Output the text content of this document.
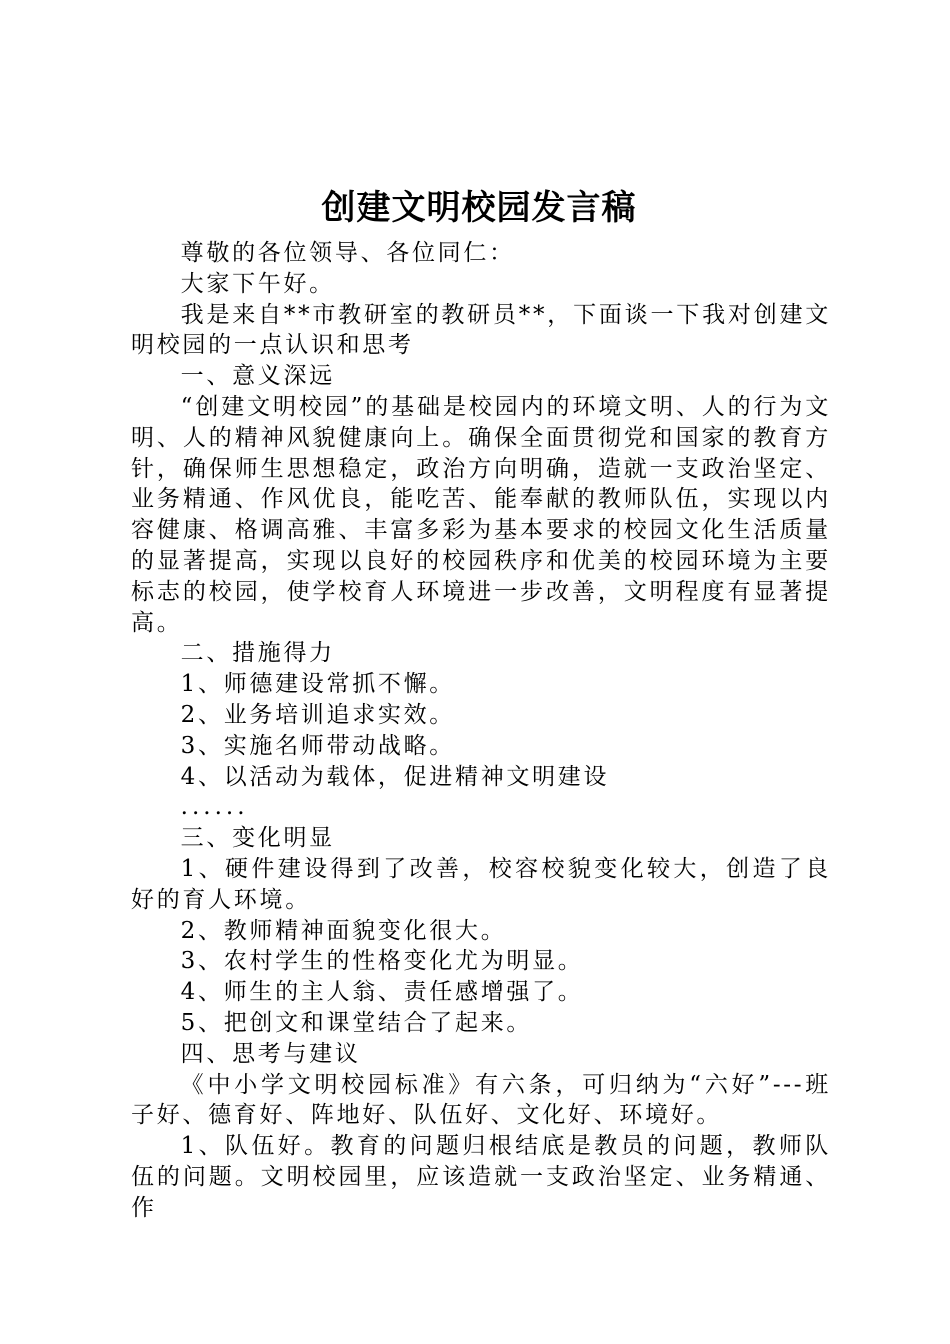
创建文明校园发言稿

尊敬的各位领导、各位同仁：

大家下午好。

我是来自**市教研室的教研员**，下面谈一下我对创建文明校园的一点认识和思考

一、意义深远

“创建文明校园”的基础是校园内的环境文明、人的行为文明、人的精神风貌健康向上。确保全面贯彻党和国家的教育方针，确保师生思想稳定，政治方向明确，造就一支政治坚定、业务精通、作风优良，能吃苦、能奉献的教师队伍，实现以内容健康、格调高雅、丰富多彩为基本要求的校园文化生活质量的显著提高，实现以良好的校园秩序和优美的校园环境为主要标志的校园，使学校育人环境进一步改善，文明程度有显著提高。

二、措施得力

1、师德建设常抓不懈。

2、业务培训追求实效。

3、实施名师带动战略。

4、以活动为载体，促进精神文明建设

......

三、变化明显

1、硬件建设得到了改善，校容校貌变化较大，创造了良好的育人环境。

2、教师精神面貌变化很大。

3、农村学生的性格变化尤为明显。

4、师生的主人翁、责任感增强了。

5、把创文和课堂结合了起来。

四、思考与建议

《中小学文明校园标准》有六条，可归纳为“六好”---班子好、德育好、阵地好、队伍好、文化好、环境好。

1、队伍好。教育的问题归根结底是教员的问题，教师队伍的问题。文明校园里，应该造就一支政治坚定、业务精通、作
